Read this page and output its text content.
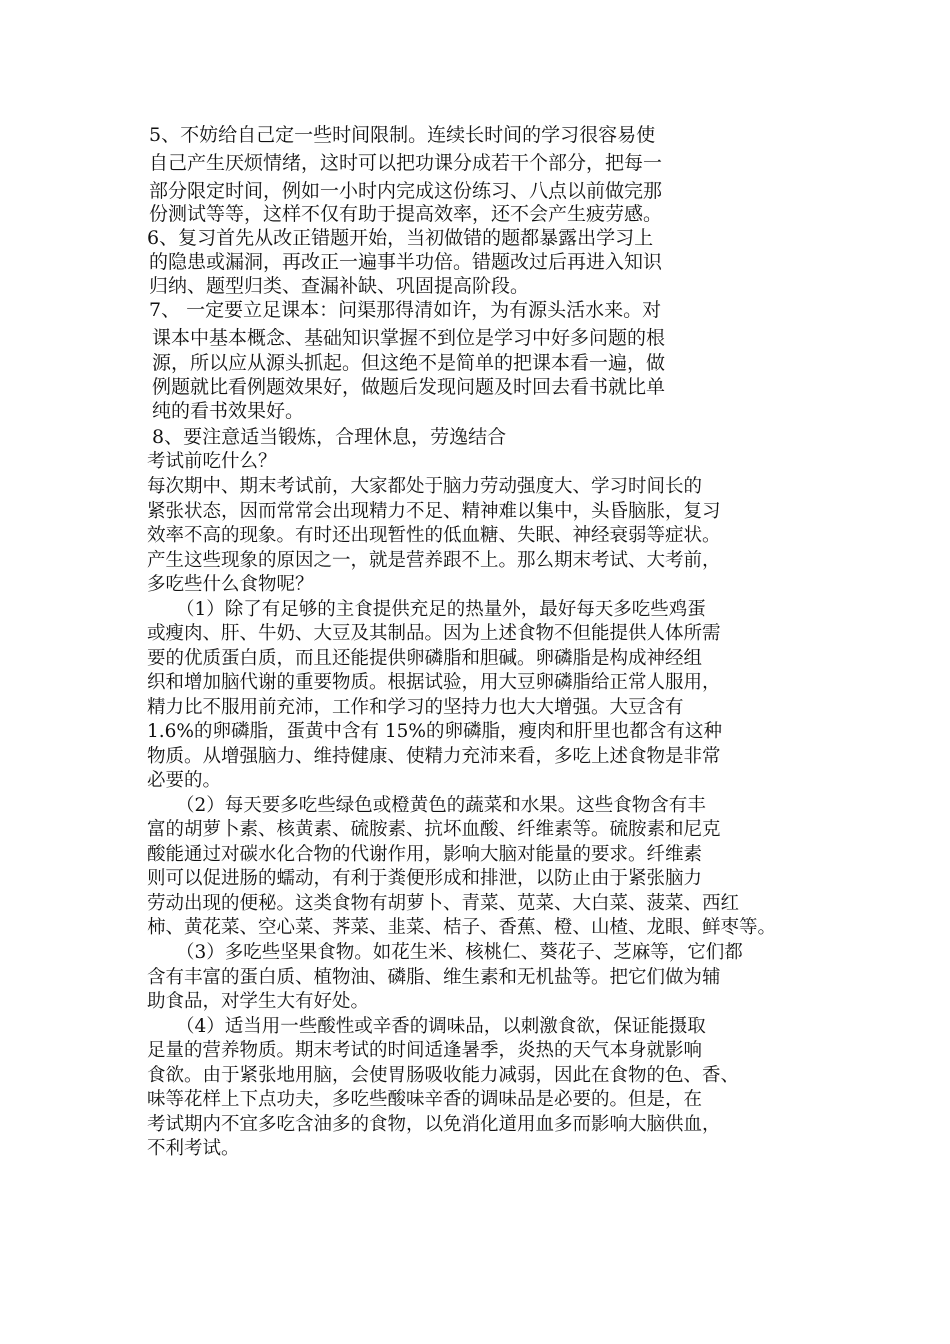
5、不妨给自己定一些时间限制。连续长时间的学习很容易使
自己产生厌烦情绪，这时可以把功课分成若干个部分，把每一
部分限定时间，例如一小时内完成这份练习、八点以前做完那
份测试等等，这样不仅有助于提高效率，还不会产生疲劳感。
6、复习首先从改正错题开始，当初做错的题都暴露出学习上
的隐患或漏洞，再改正一遍事半功倍。错题改过后再进入知识
归纳、题型归类、查漏补缺、巩固提高阶段。
7、 一定要立足课本：问渠那得清如许，为有源头活水来。对
课本中基本概念、基础知识掌握不到位是学习中好多问题的根
源，所以应从源头抓起。但这绝不是简单的把课本看一遍，做
例题就比看例题效果好，做题后发现问题及时回去看书就比单
纯的看书效果好。
8、要注意适当锻炼，合理休息，劳逸结合
考试前吃什么？
每次期中、期末考试前，大家都处于脑力劳动强度大、学习时间长的
紧张状态，因而常常会出现精力不足、精神难以集中，头昏脑胀，复习
效率不高的现象。有时还出现暂性的低血糖、失眠、神经衰弱等症状。
产生这些现象的原因之一，就是营养跟不上。那么期末考试、大考前，
多吃些什么食物呢？
（1）除了有足够的主食提供充足的热量外，最好每天多吃些鸡蛋
或瘦肉、肝、牛奶、大豆及其制品。因为上述食物不但能提供人体所需
要的优质蛋白质，而且还能提供卵磷脂和胆碱。卵磷脂是构成神经组
织和增加脑代谢的重要物质。根据试验，用大豆卵磷脂给正常人服用，
精力比不服用前充沛，工作和学习的坚持力也大大增强。大豆含有
1.6%的卵磷脂，蛋黄中含有 15%的卵磷脂，瘦肉和肝里也都含有这种
物质。从增强脑力、维持健康、使精力充沛来看，多吃上述食物是非常
必要的。
（2）每天要多吃些绿色或橙黄色的蔬菜和水果。这些食物含有丰
富的胡萝卜素、核黄素、硫胺素、抗坏血酸、纤维素等。硫胺素和尼克
酸能通过对碳水化合物的代谢作用，影响大脑对能量的要求。纤维素
则可以促进肠的蠕动，有利于粪便形成和排泄，以防止由于紧张脑力
劳动出现的便秘。这类食物有胡萝卜、青菜、苋菜、大白菜、菠菜、西红
柿、黄花菜、空心菜、荠菜、韭菜、桔子、香蕉、橙、山楂、龙眼、鲜枣等。
（3）多吃些坚果食物。如花生米、核桃仁、葵花子、芝麻等，它们都
含有丰富的蛋白质、植物油、磷脂、维生素和无机盐等。把它们做为辅
助食品，对学生大有好处。
（4）适当用一些酸性或辛香的调味品，以刺激食欲，保证能摄取
足量的营养物质。期末考试的时间适逢暑季，炎热的天气本身就影响
食欲。由于紧张地用脑，会使胃肠吸收能力减弱，因此在食物的色、香、
味等花样上下点功夫，多吃些酸味辛香的调味品是必要的。但是，在
考试期内不宜多吃含油多的食物，以免消化道用血多而影响大脑供血，
不利考试。
